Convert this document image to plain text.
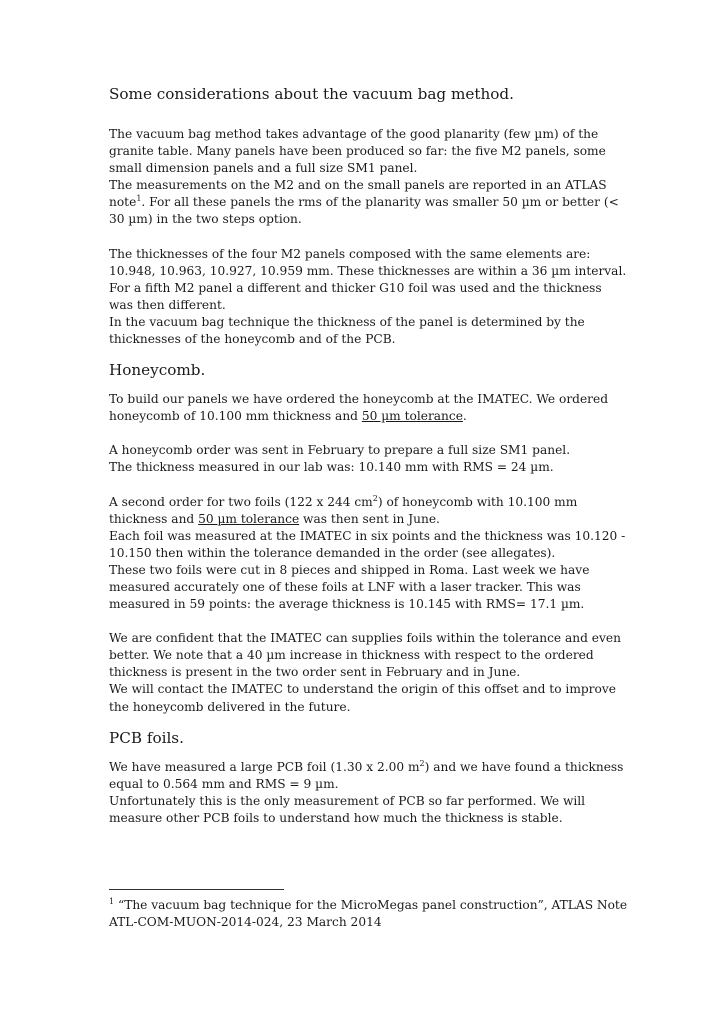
Some considerations about the vacuum bag method.

The vacuum bag method takes advantage of the good planarity (few µm) of the granite table. Many panels have been produced so far: the five M2 panels, some small dimension panels and a full size SM1 panel.

The measurements on the M2 and on the small panels are reported in an ATLAS note$^1$. For all these panels the rms of the planarity was smaller 50 µm or better (< 30 µm) in the two steps option.

The thicknesses of the four M2 panels composed with the same elements are: 10.948, 10.963, 10.927, 10.959 mm. These thicknesses are within a 36 µm interval. For a fifth M2 panel a different and thicker G10 foil was used and the thickness was then different.

In the vacuum bag technique the thickness of the panel is determined by the thicknesses of the honeycomb and of the PCB.

Honeycomb.

To build our panels we have ordered the honeycomb at the IMATEC. We ordered honeycomb of 10.100 mm thickness and 50 µm tolerance.

A honeycomb order was sent in February to prepare a full size SM1 panel.

The thickness measured in our lab was: 10.140 mm with RMS = 24 µm.

A second order for two foils (122 x 244 $cm^2$) of honeycomb with 10.100 mm thickness and 50 µm tolerance was then sent in June.

Each foil was measured at the IMATEC in six points and the thickness was 10.120 - 10.150 then within the tolerance demanded in the order (see allegates).

These two foils were cut in 8 pieces and shipped in Roma. Last week we have measured accurately one of these foils at LNF with a laser tracker. This was measured in 59 points: the average thickness is 10.145 with RMS= 17.1 µm.

We are confident that the IMATEC can supplies foils within the tolerance and even better. We note that a 40 µm increase in thickness with respect to the ordered thickness is present in the two order sent in February and in June.

We will contact the IMATEC to understand the origin of this offset and to improve the honeycomb delivered in the future.

PCB foils.

We have measured a large PCB foil (1.30 x 2.00 $m^2$) and we have found a thickness equal to 0.564 mm and RMS = 9 µm.

Unfortunately this is the only measurement of PCB so far performed. We will measure other PCB foils to understand how much the thickness is stable.

$^1$ “The vacuum bag technique for the MicroMegas panel construction”, ATLAS Note ATL-COM-MUON-2014-024, 23 March 2014
